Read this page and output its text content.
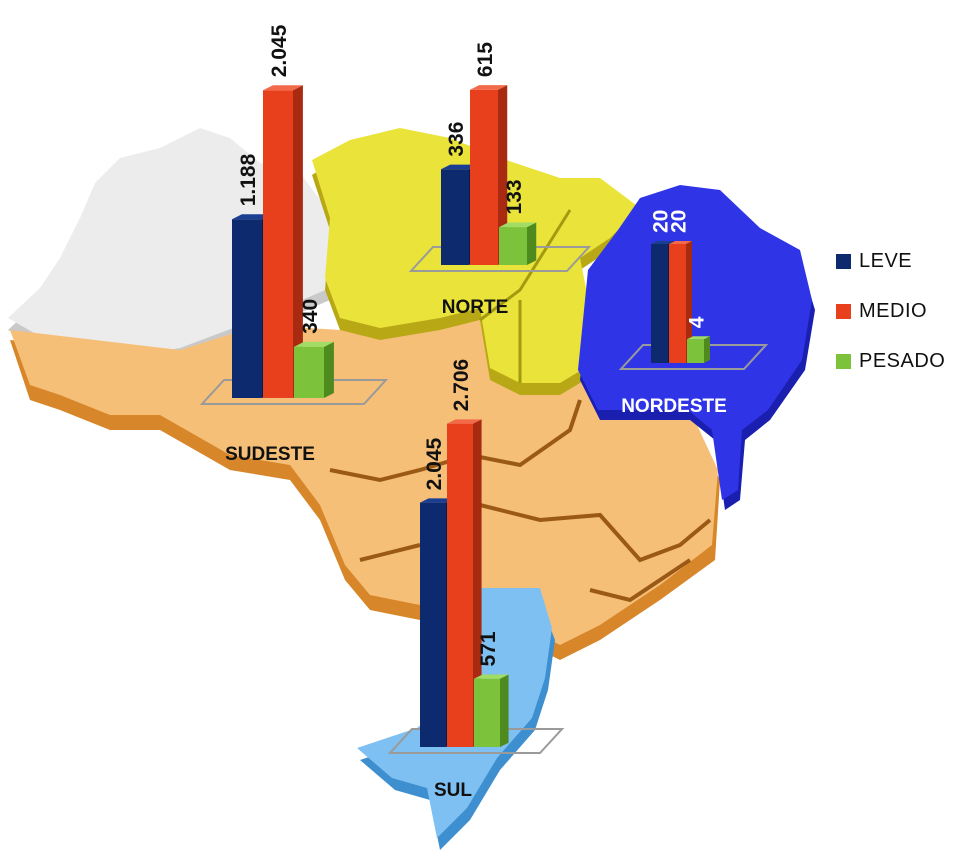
1.188
2.045
340
336
615
133
20
20
4
2.045
2.706
571
SUDESTE
NORTE
NORDESTE
SUL
LEVE
MEDIO
PESADO
